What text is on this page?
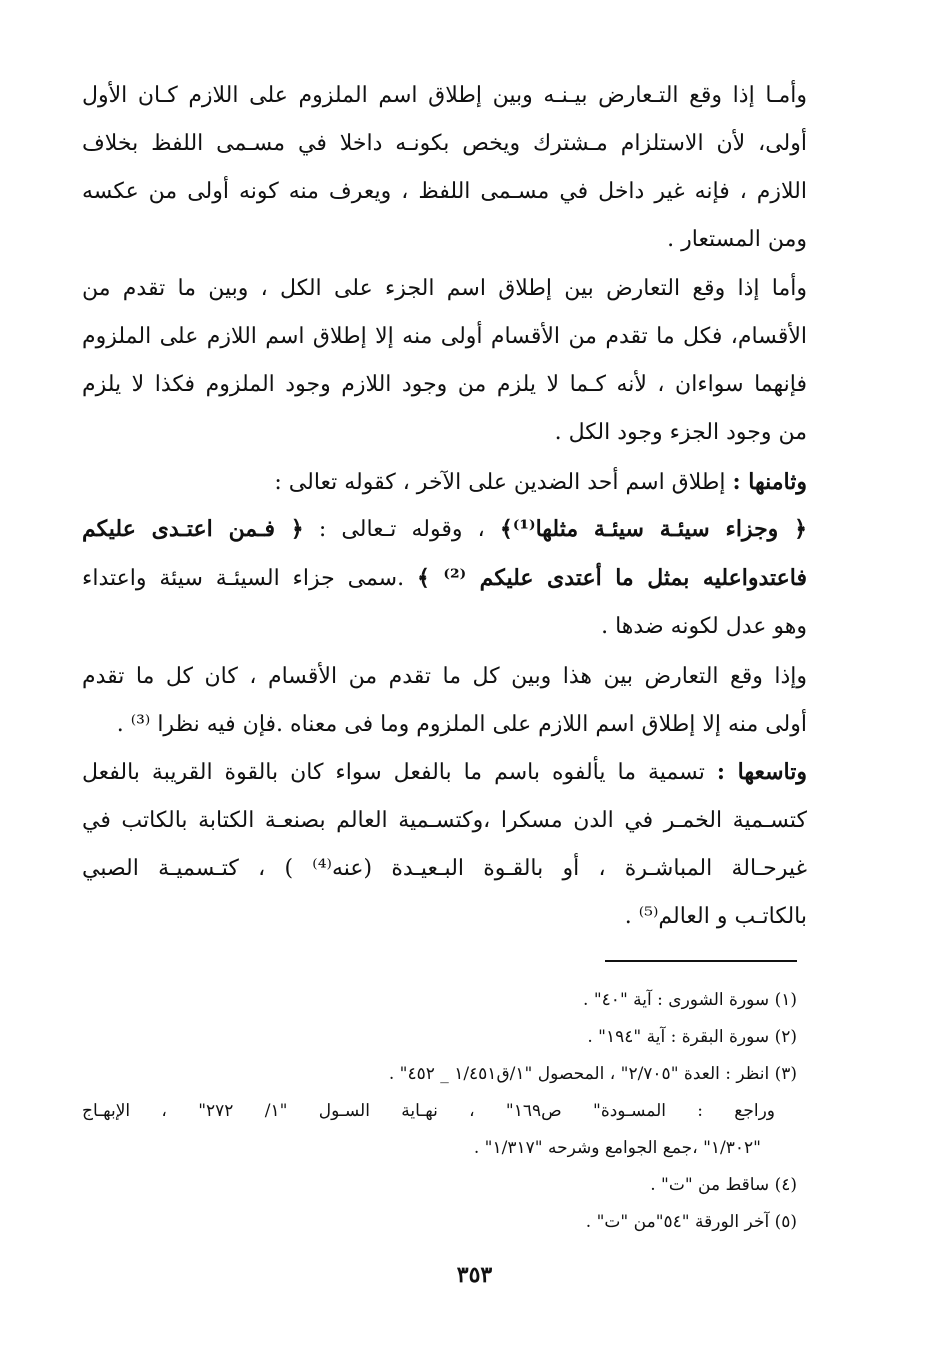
وأمـا إذا وقع التـعارض بيـنـه وبين إطلاق اسم الملزوم على اللازم كـان الأول
أولى، لأن الاستلزام مـشترك ويخص بكونـه داخلا في مسـمى اللفظ بخلاف
اللازم ، فإنه غير داخل في مسـمى اللفظ ، ويعرف منه كونه أولى من عكسه
ومن المستعار .

وأما إذا وقع التعارض بين إطلاق اسم الجزء على الكل ، وبين ما تقدم من
الأقسام، فكل ما تقدم من الأقسام أولى منه إلا إطلاق اسم اللازم على الملزوم
فإنهما سواءان ، لأنه كـما لا يلزم من وجود اللازم وجود الملزوم فكذا لا يلزم
من وجود الجزء وجود الكل .

وثامنها : إطلاق اسم أحد الضدين على الآخر ، كقوله تعالى :

﴿ وجزاء سيئـة سيئـة مثلها⁽¹⁾﴾ ، وقوله تـعالى : ﴿ فـمن اعتـدى عليكم
فاعتدواعليه بمثل ما أعتدى عليكم ⁽²⁾ ﴾ .سمى جزاء السيئـة سيئة واعتداء
وهو عدل لكونه ضدها .

وإذا وقع التعارض بين هذا وبين كل ما تقدم من الأقسام ، كان كل ما تقدم
أولى منه إلا إطلاق اسم اللازم على الملزوم وما فى معناه .فإن فيه نظرا ⁽³⁾ .

وتاسعها : تسمية ما يألفوه باسم ما بالفعل سواء كان بالقوة القريبة بالفعل
كتسـمية الخمـر في الدن مسكرا ،وكتسـمية العالم بصنعـة الكتابة بالكاتب في
غيرحـالة المباشـرة ، أو بالقـوة البـعيـدة (عنه⁽⁴⁾ ) ، كتـسميـة الصبي
بالكاتـب و العالم⁽⁵⁾ .

(١) سورة الشورى : آية "٤٠" .
(٢) سورة البقرة : آية "١٩٤" .
(٣) انظر : العدة "٢/٧٠٥" ، المحصول "١/ق١/٤٥١ _ ٤٥٢" .
وراجع : المسـودة" ص١٦٩" ، نهـاية السـول "١/ ٢٧٢" ، الإبهـاج
"١/٣٠٢" ،جمع الجوامع وشرحه "١/٣١٧" .
(٤) ساقط من "ت" .
(٥) آخر الورقة "٥٤"من "ت" .
٣٥٣
